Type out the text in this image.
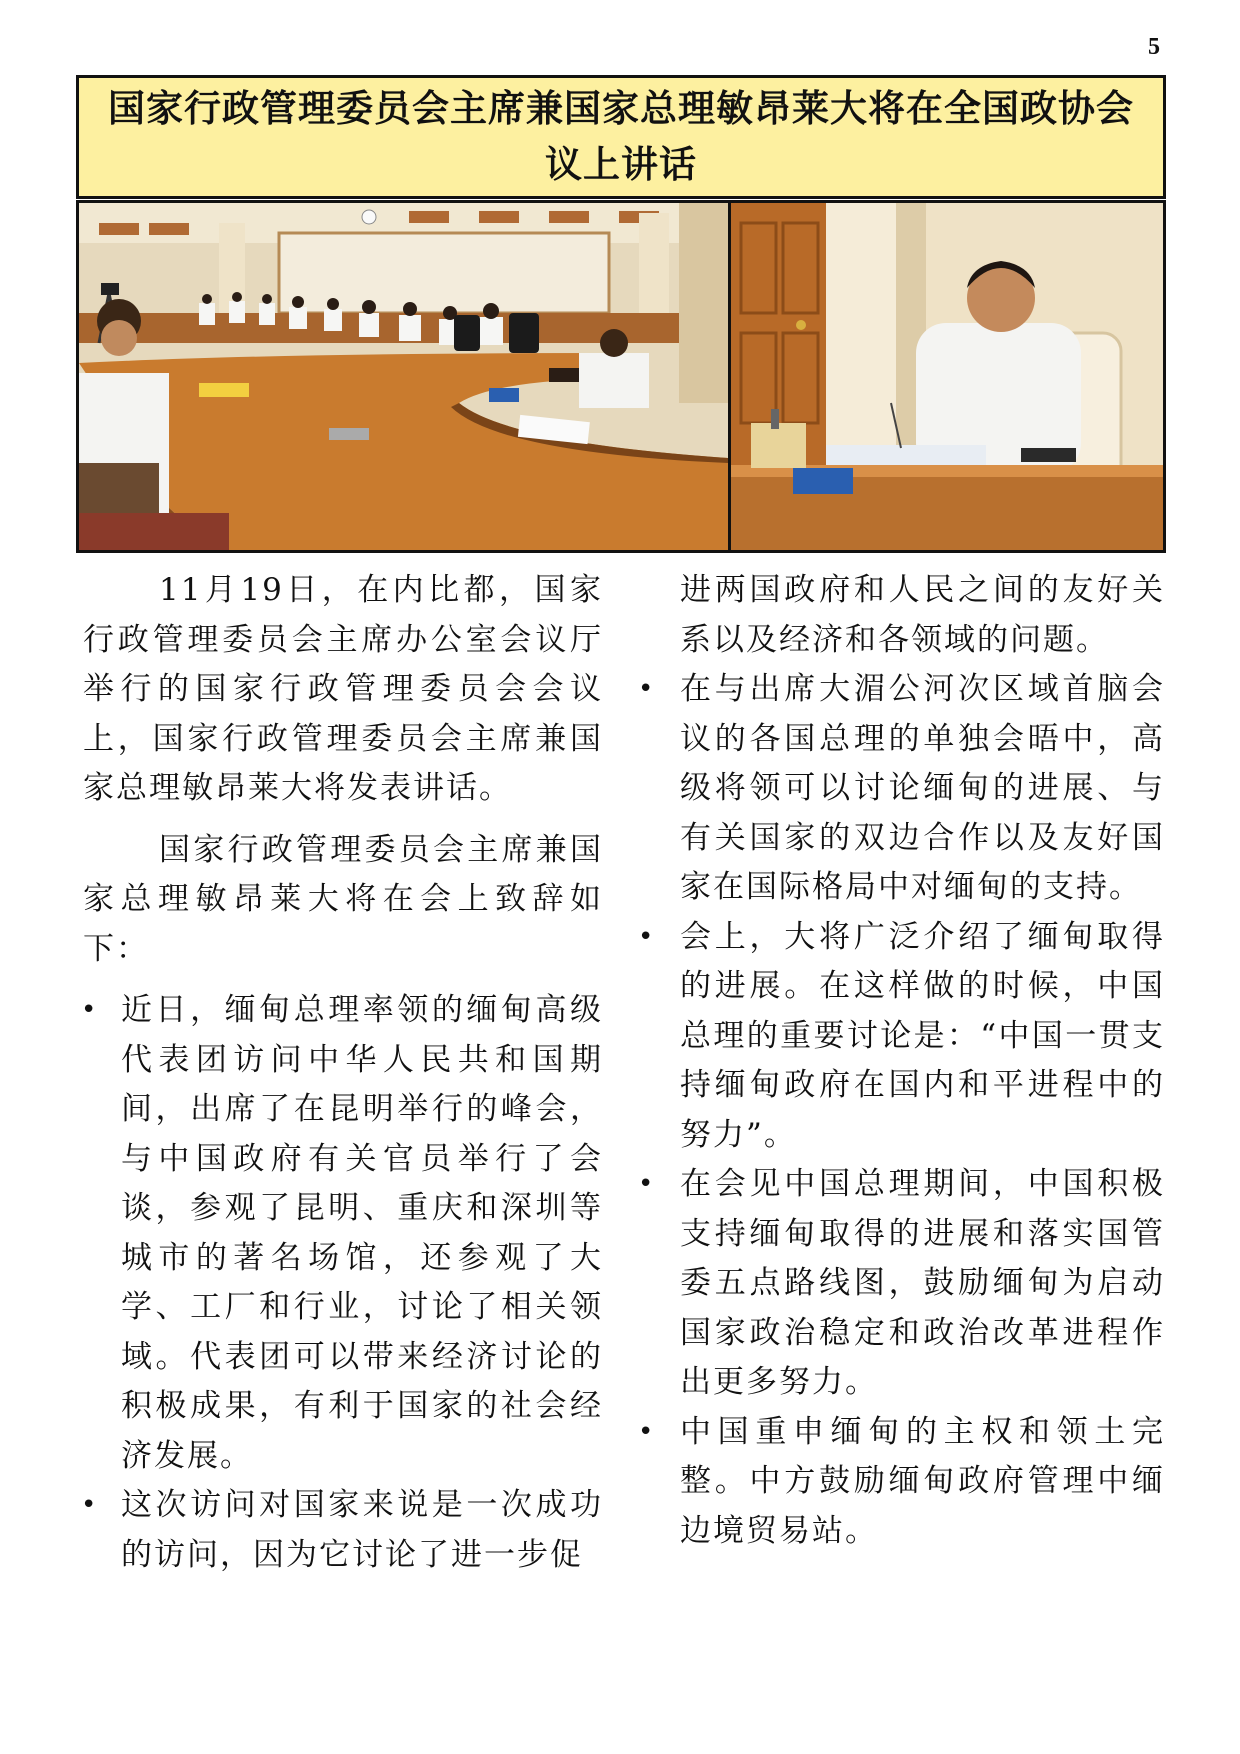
5
国家行政管理委员会主席兼国家总理敏昂莱大将在全国政协会议上讲话

11月19日，在内比都，国家行政管理委员会主席办公室会议厅举行的国家行政管理委员会会议上，国家行政管理委员会主席兼国家总理敏昂莱大将发表讲话。

国家行政管理委员会主席兼国家总理敏昂莱大将在会上致辞如下：

• 近日，缅甸总理率领的缅甸高级代表团访问中华人民共和国期间，出席了在昆明举行的峰会，与中国政府有关官员举行了会谈，参观了昆明、重庆和深圳等城市的著名场馆，还参观了大学、工厂和行业，讨论了相关领域。代表团可以带来经济讨论的积极成果，有利于国家的社会经济发展。
• 这次访问对国家来说是一次成功的访问，因为它讨论了进一步促

进两国政府和人民之间的友好关系以及经济和各领域的问题。

• 在与出席大湄公河次区域首脑会议的各国总理的单独会晤中，高级将领可以讨论缅甸的进展、与有关国家的双边合作以及友好国家在国际格局中对缅甸的支持。
• 会上，大将广泛介绍了缅甸取得的进展。在这样做的时候，中国总理的重要讨论是：“中国一贯支持缅甸政府在国内和平进程中的努力”。
• 在会见中国总理期间，中国积极支持缅甸取得的进展和落实国管委五点路线图，鼓励缅甸为启动国家政治稳定和政治改革进程作出更多努力。
• 中国重申缅甸的主权和领土完整。中方鼓励缅甸政府管理中缅边境贸易站。
